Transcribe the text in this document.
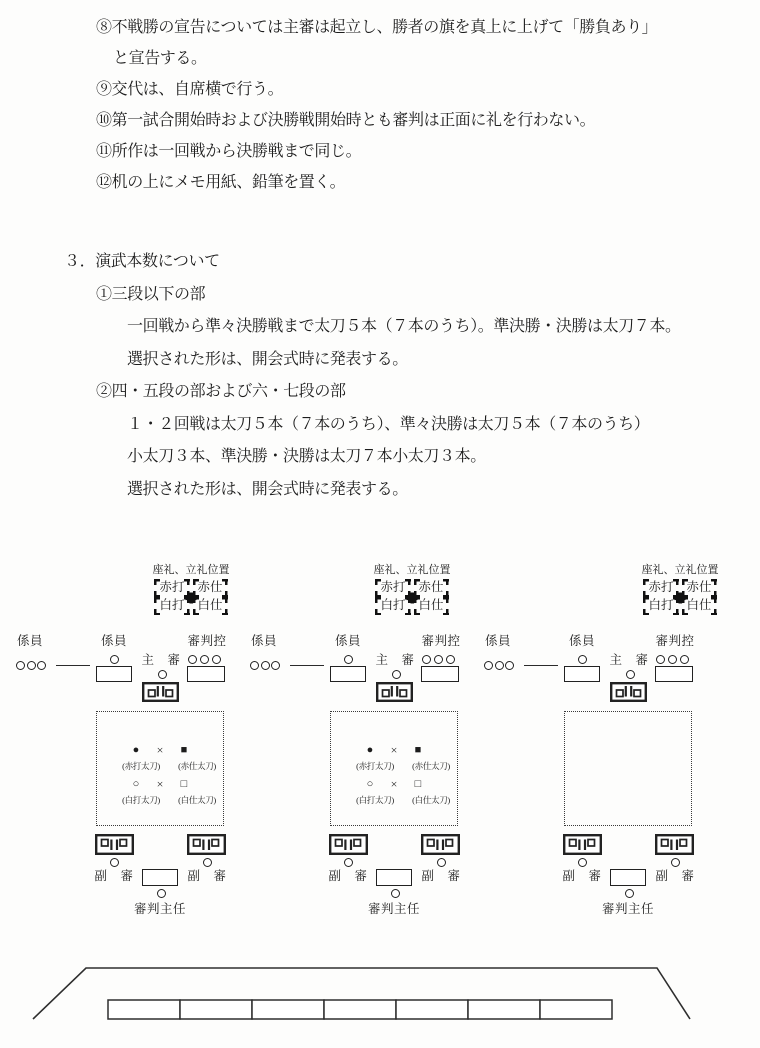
⑧不戦勝の宣告については主審は起立し、勝者の旗を真上に上げて「勝負あり」
と宣告する。
⑨交代は、自席横で行う。
⑩第一試合開始時および決勝戦開始時とも審判は正面に礼を行わない。
⑪所作は一回戦から決勝戦まで同じ。
⑫机の上にメモ用紙、鉛筆を置く。
３．演武本数について
①三段以下の部
一回戦から準々決勝戦まで太刀５本（７本のうち）。準決勝・決勝は太刀７本。
選択された形は、開会式時に発表する。
②四・五段の部および六・七段の部
１・２回戦は太刀５本（７本のうち）、準々決勝は太刀５本（７本のうち）
小太刀３本、準決勝・決勝は太刀７本小太刀３本。
選択された形は、開会式時に発表する。
座礼、立礼位置
赤打	赤仕
白打	白仕
係員	係員
主　審
審判控
●	×	■
(赤打太刀)	(赤仕太刀)
○	×	□
(白打太刀)	(白仕太刀)
副　審	副　審
審判主任
座礼、立礼位置
赤打	赤仕
白打	白仕
係員	係員
主　審
審判控
●	×	■
(赤打太刀)	(赤仕太刀)
○	×	□
(白打太刀)	(白仕太刀)
副　審	副　審
審判主任
座礼、立礼位置
赤打	赤仕
白打	白仕
係員	係員
主　審
審判控
副　審	副　審
審判主任
